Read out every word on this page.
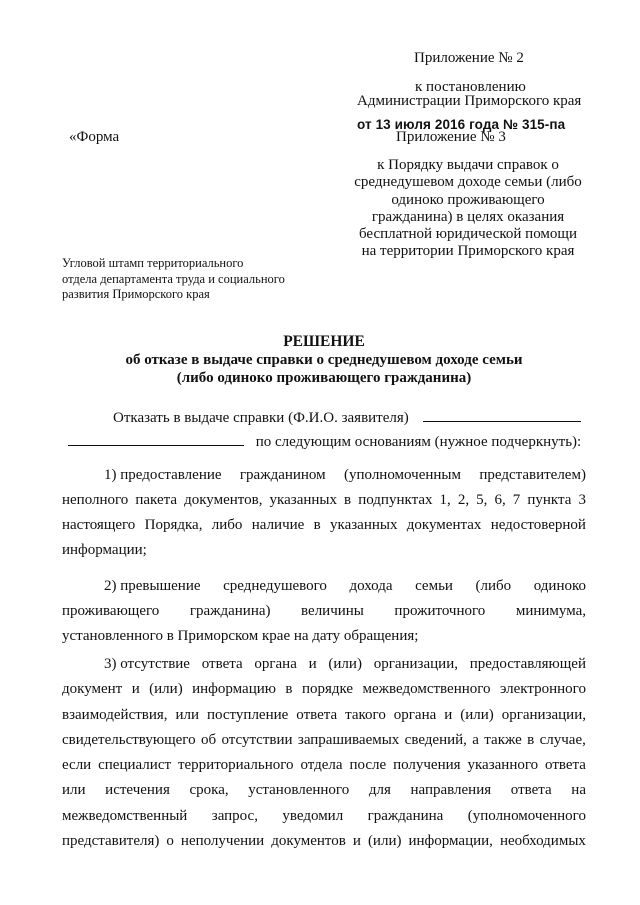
Приложение № 2
к постановлению
Администрации Приморского края
от 13 июля 2016 года № 315-па
«Форма	Приложение № 3
к Порядку выдачи справок о
среднедушевом доходе семьи (либо
одиноко проживающего
гражданина) в целях оказания
бесплатной юридической помощи
на территории Приморского края
Угловой штамп территориального
отдела департамента труда и социального
развития Приморского края
РЕШЕНИЕ
об отказе в выдаче справки о среднедушевом доходе семьи
(либо одиноко проживающего гражданина)
Отказать в выдаче справки (Ф.И.О. заявителя)
по следующим основаниям (нужное подчеркнуть):
1) предоставление гражданином (уполномоченным представителем)
неполного пакета документов, указанных в подпунктах 1, 2, 5, 6, 7 пункта 3
настоящего Порядка, либо наличие в указанных документах недостоверной
информации;
2) превышение среднедушевого дохода семьи (либо одиноко
проживающего гражданина) величины прожиточного минимума,
установленного в Приморском крае на дату обращения;
3) отсутствие ответа органа и (или) организации, предоставляющей
документ и (или) информацию в порядке межведомственного электронного
взаимодействия, или поступление ответа такого органа и (или) организации,
свидетельствующего об отсутствии запрашиваемых сведений, а также в случае,
если специалист территориального отдела после получения указанного ответа
или истечения срока, установленного для направления ответа на
межведомственный запрос, уведомил гражданина (уполномоченного
представителя) о неполучении документов и (или) информации, необходимых
